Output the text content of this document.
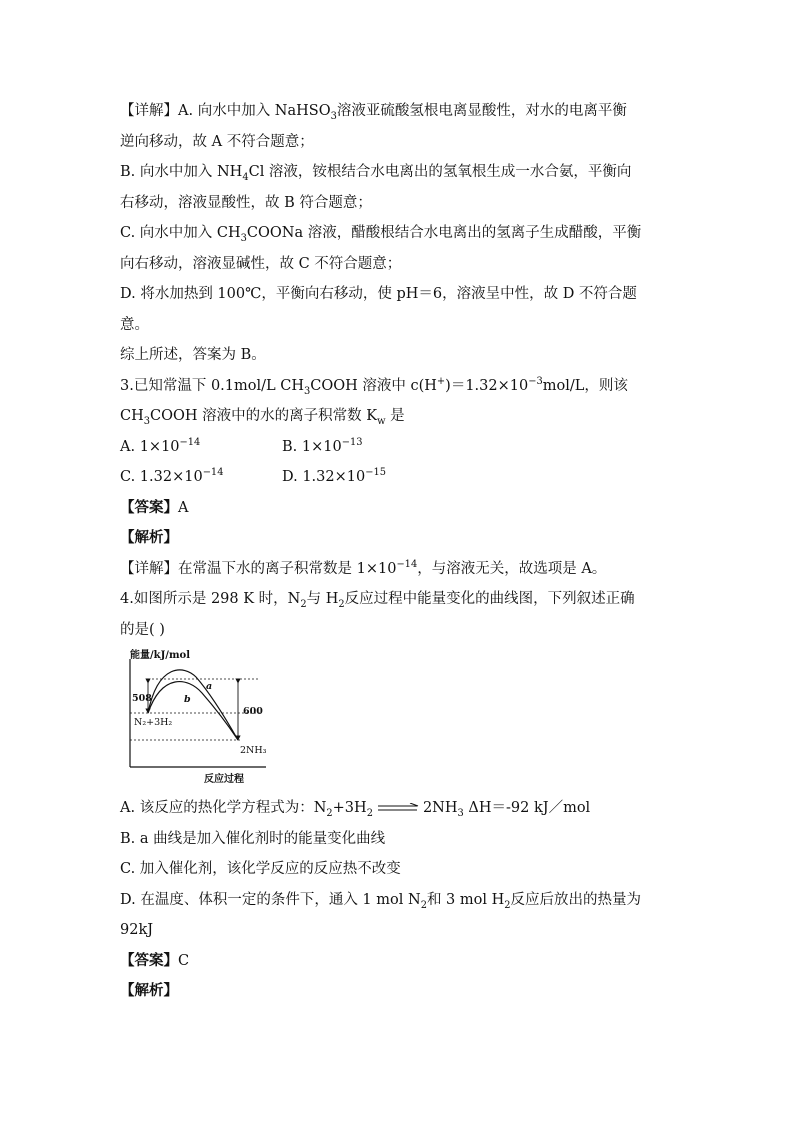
【详解】A. 向水中加入 NaHSO$_3$溶液亚硫酸氢根电离显酸性，对水的电离平衡
逆向移动，故 A 不符合题意；
B. 向水中加入 $NH_4Cl$ 溶液，铵根结合水电离出的氢氧根生成一水合氨，平衡向
右移动，溶液显酸性，故 B 符合题意；
C. 向水中加入 $CH_3COONa$ 溶液，醋酸根结合水电离出的氢离子生成醋酸，平衡
向右移动，溶液显碱性，故 C 不符合题意；
D. 将水加热到 100℃，平衡向右移动，使 pH＝6，溶液呈中性，故 D 不符合题
意。
综上所述，答案为 B。
3.已知常温下 0.1mol/L $CH_3COOH$ 溶液中 $c(H^+)=1.32\times 10^{-3}mol/L$，则该
$CH_3COOH$ 溶液中的水的离子积常数 $K_w$ 是
A. $1\times 10^{-14}$	B. $1\times 10^{-13}$
C. $1.32\times 10^{-14}$	D. $1.32\times 10^{-15}$
【答案】A
【解析】
【详解】在常温下水的离子积常数是 $1\times 10^{-14}$，与溶液无关，故选项是 A。
4.如图所示是 298 K 时，$N_2$与 $H_2$反应过程中能量变化的曲线图，下列叙述正确
的是( )
能量/kJ/mol
反应过程
508
600
a
b
N₂+3H₂
2NH₃
A. 该反应的热化学方程式为：$N_2+3H_2$	$2NH_3$ ΔH＝-92 kJ／mol
B. a 曲线是加入催化剂时的能量变化曲线
C. 加入催化剂，该化学反应的反应热不改变
D. 在温度、体积一定的条件下，通入 1 mol $N_2$和 3 mol $H_2$反应后放出的热量为
92kJ
【答案】C
【解析】
